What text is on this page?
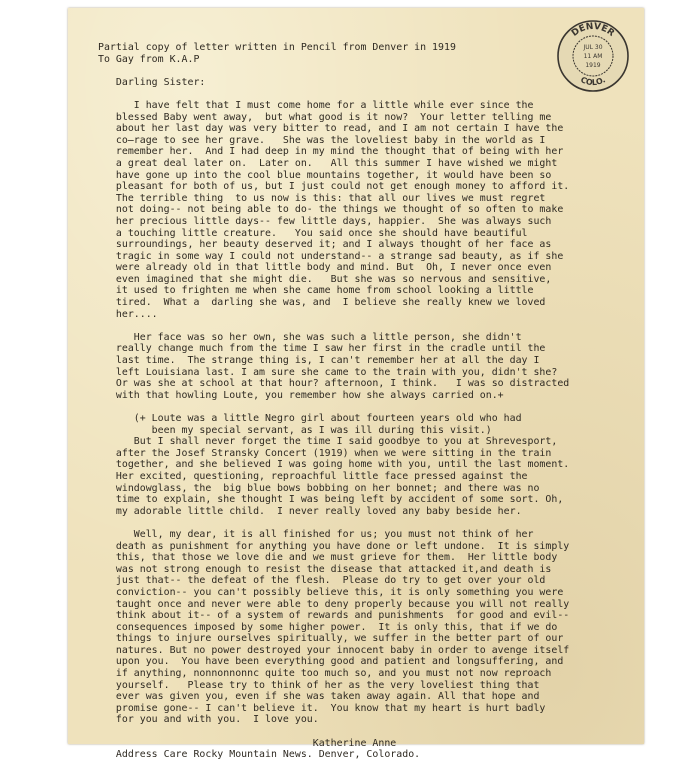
Partial copy of letter written in Pencil from Denver in 1919
To Gay from K.A.P
Darling Sister:
I have felt that I must come home for a little while ever since the
blessed Baby went away,  but what good is it now?  Your letter telling me
about her last day was very bitter to read, and I am not certain I have the
co̶rage to see her grave.   She was the loveliest baby in the world as I
remember her.  And I had deep in my mind the thought that of being with her
a great deal later on.  Later on.   All this summer I have wished we might
have gone up into the cool blue mountains together, it would have been so
pleasant for both of us, but I just could not get enough money to afford it.
The terrible thing  to us now is this: that all our lives we must regret
not doing-- not being able to do- the things we thought of so often to make
her precious little days-- few little days, happier.  She was always such
a touching little creature.   You said once she should have beautiful
surroundings, her beauty deserved it; and I always thought of her face as
tragic in some way I could not understand-- a strange sad beauty, as if she
were already old in that little body and mind. But  Oh, I never once even
even imagined that she might die.   But she was so nervous and sensitive,
it used to frighten me when she came home from school looking a little
tired.  What a  darling she was, and  I believe she really knew we loved
her....
Her face was so her own, she was such a little person, she didn't
really change much from the time I saw her first in the cradle until the
last time.  The strange thing is, I can't remember her at all the day I
left Louisiana last. I am sure she came to the train with you, didn't she?
Or was she at school at that hour? afternoon, I think.   I was so distracted
with that howling Loute, you remember how she always carried on.+
(+ Loute was a little Negro girl about fourteen years old who had
been my special servant, as I was ill during this visit.)
But I shall never forget the time I said goodbye to you at Shrevesport,
after the Josef Stransky Concert (1919) when we were sitting in the train
together, and she believed I was going home with you, until the last moment.
Her excited, questioning, reproachful little face pressed against the
windowglass, the  big blue bows bobbing on her bonnet; and there was no
time to explain, she thought I was being left by accident of some sort. Oh,
my adorable little child.  I never really loved any baby beside her.
Well, my dear, it is all finished for us; you must not think of her
death as punishment for anything you have done or left undone.  It is simply
this, that those we love die and we must grieve for them.  Her little body
was not strong enough to resist the disease that attacked it,and death is
just that-- the defeat of the flesh.  Please do try to get over your old
conviction-- you can't possibly believe this, it is only something you were
taught once and never were able to deny properly because you will not really
think about it-- of a system of rewards and punishments  for good and evil--
consequences imposed by some higher power.  It is only this, that if we do
things to injure ourselves spiritually, we suffer in the better part of our
natures. But no power destroyed your innocent baby in order to avenge itself
upon you.  You have been everything good and patient and longsuffering, and
if anything, nonnonnonnc quite too much so, and you must not now reproach
yourself.   Please try to think of her as the very loveliest thing that
ever was given you, even if she was taken away again. All that hope and
promise gone-- I can't believe it.  You know that my heart is hurt badly
for you and with you.  I love you.
Katherine Anne
Address Care Rocky Mountain News. Denver, Colorado.
DENVER
COLO.
JUL 30
11 AM
1919
